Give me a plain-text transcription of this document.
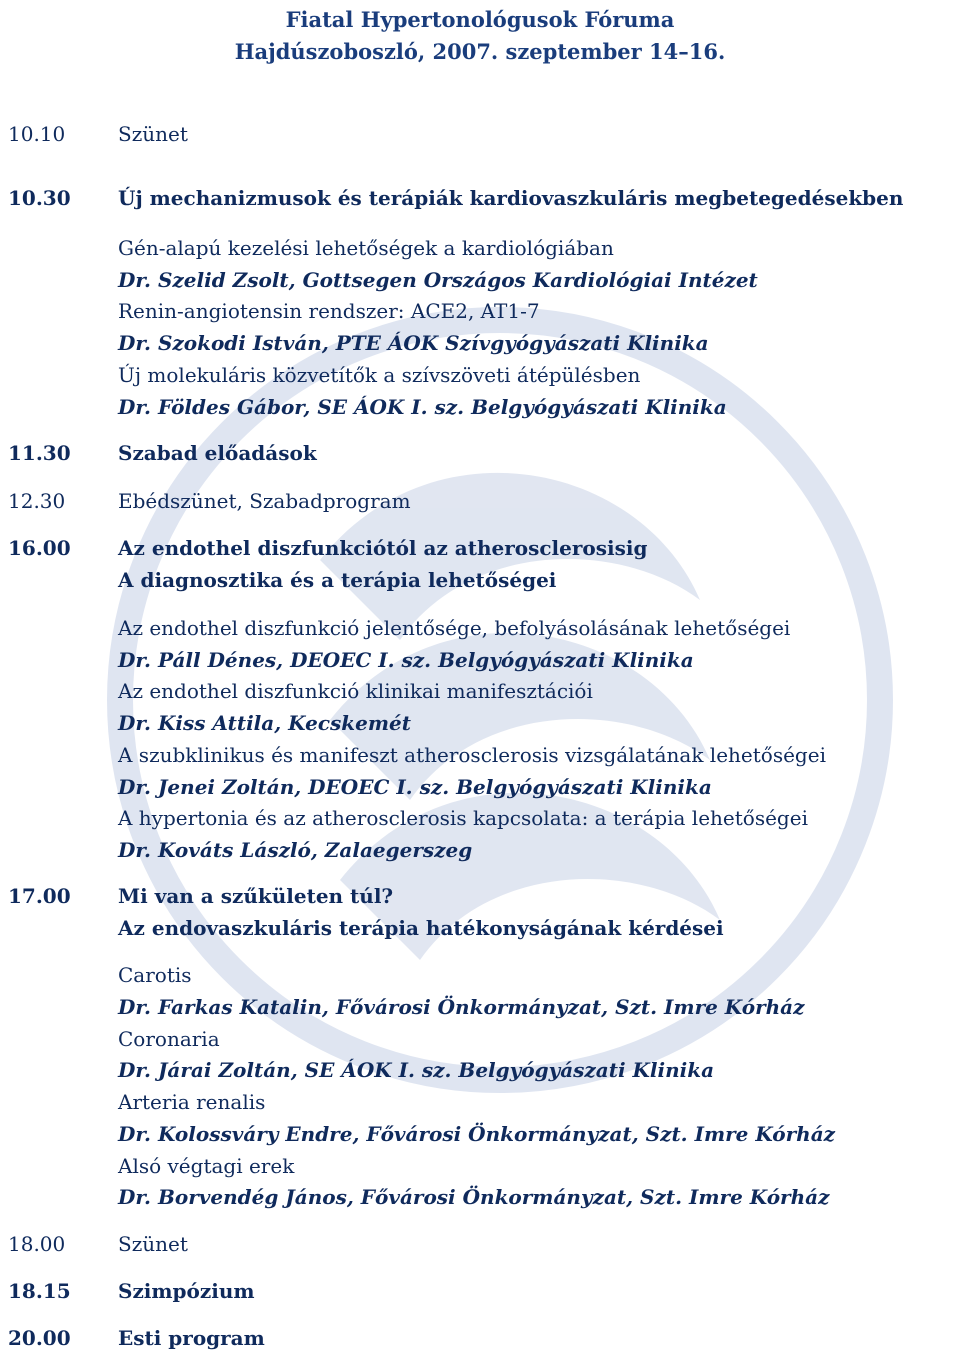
Fiatal Hypertonológusok Fóruma
Hajdúszoboszló, 2007. szeptember 14–16.
10.10	Szünet
10.30	Új mechanizmusok és terápiák kardiovaszkuláris megbetegedésekben
Gén-alapú kezelési lehetőségek a kardiológiában
Dr. Szelid Zsolt, Gottsegen Országos Kardiológiai Intézet
Renin-angiotensin rendszer: ACE2, AT1-7
Dr. Szokodi István, PTE ÁOK Szívgyógyászati Klinika
Új molekuláris közvetítők a szívszöveti átépülésben
Dr. Földes Gábor, SE ÁOK I. sz. Belgyógyászati Klinika
11.30	Szabad előadások
12.30	Ebédszünet, Szabadprogram
16.00	Az endothel diszfunkciótól az atherosclerosisig
A diagnosztika és a terápia lehetőségei
Az endothel diszfunkció jelentősége, befolyásolásának lehetőségei
Dr. Páll Dénes, DEOEC I. sz. Belgyógyászati Klinika
Az endothel diszfunkció klinikai manifesztációi
Dr. Kiss Attila, Kecskemét
A szubklinikus és manifeszt atherosclerosis vizsgálatának lehetőségei
Dr. Jenei Zoltán, DEOEC I. sz. Belgyógyászati Klinika
A hypertonia és az atherosclerosis kapcsolata: a terápia lehetőségei
Dr. Kováts László, Zalaegerszeg
17.00	Mi van a szűkületen túl?
Az endovaszkuláris terápia hatékonyságának kérdései
Carotis
Dr. Farkas Katalin, Fővárosi Önkormányzat, Szt. Imre Kórház
Coronaria
Dr. Járai Zoltán, SE ÁOK I. sz. Belgyógyászati Klinika
Arteria renalis
Dr. Kolossváry Endre, Fővárosi Önkormányzat, Szt. Imre Kórház
Alsó végtagi erek
Dr. Borvendég János, Fővárosi Önkormányzat, Szt. Imre Kórház
18.00	Szünet
18.15	Szimpózium
20.00	Esti program
